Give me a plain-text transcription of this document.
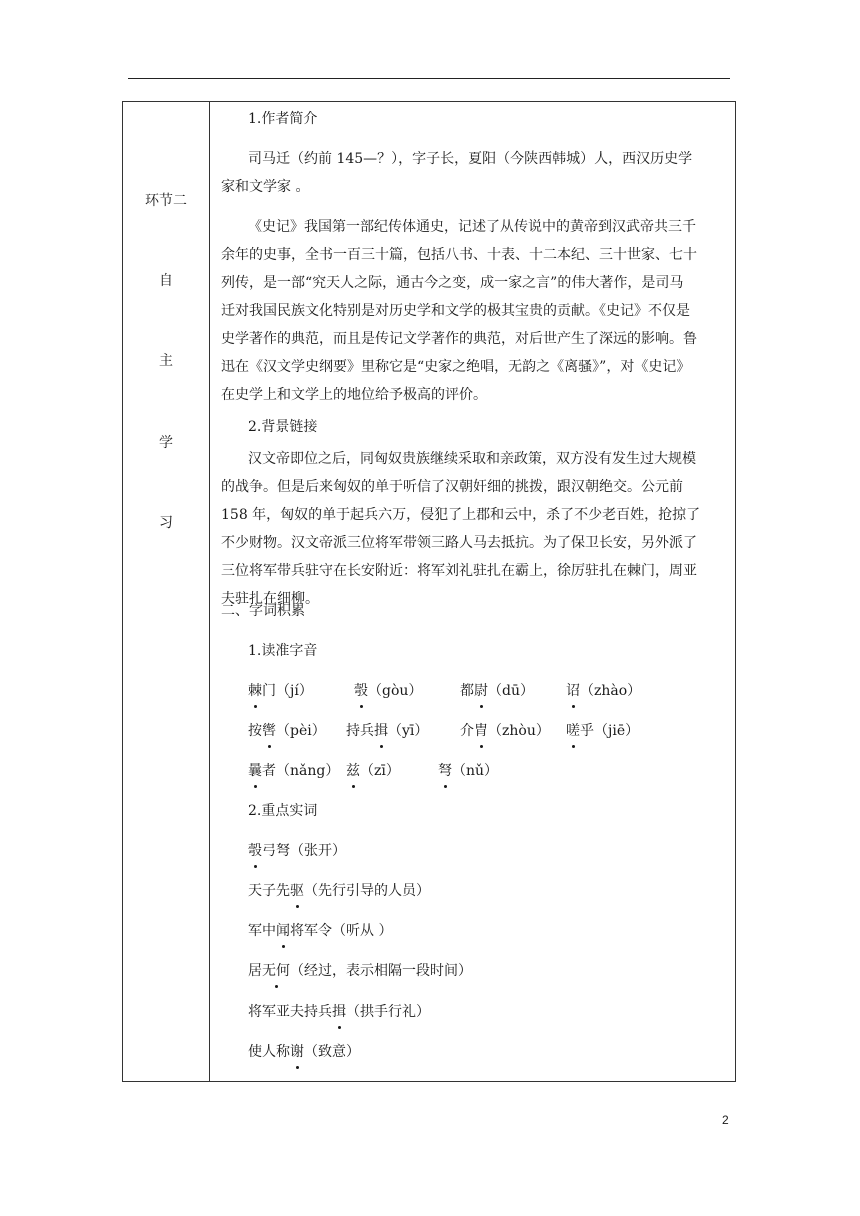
环节二
自
主
学
习

1.作者简介
司马迁（约前 145—？），字子长，夏阳（今陕西韩城）人，西汉历史学
家和文学家 。
《史记》我国第一部纪传体通史，记述了从传说中的黄帝到汉武帝共三千
余年的史事，全书一百三十篇，包括八书、十表、十二本纪、三十世家、七十
列传，是一部“究天人之际，通古今之变，成一家之言”的伟大著作，是司马
迁对我国民族文化特别是对历史学和文学的极其宝贵的贡献。《史记》不仅是
史学著作的典范，而且是传记文学著作的典范，对后世产生了深远的影响。鲁
迅在《汉文学史纲要》里称它是“史家之绝唱，无韵之《离骚》”，对《史记》
在史学上和文学上的地位给予极高的评价。
2.背景链接
汉文帝即位之后，同匈奴贵族继续采取和亲政策，双方没有发生过大规模
的战争。但是后来匈奴的单于听信了汉朝奸细的挑拨，跟汉朝绝交。公元前
158 年，匈奴的单于起兵六万，侵犯了上郡和云中，杀了不少老百姓，抢掠了
不少财物。汉文帝派三位将军带领三路人马去抵抗。为了保卫长安，另外派了
三位将军带兵驻守在长安附近：将军刘礼驻扎在霸上，徐厉驻扎在棘门，周亚
夫驻扎在细柳。
二、字词积累
1.读准字音
棘门（jí）	彀（gòu）	都尉（dū） 诏（zhào）
按辔（pèi） 持兵揖（yī） 介胄（zhòu） 嗟乎（jiē）
曩者（nǎng） 兹（zī）	弩（nǔ）
2.重点实词
彀弓弩（张开）
天子先驱（先行引导的人员）
军中闻将军令（听从 ）
居无何（经过，表示相隔一段时间）
将军亚夫持兵揖（拱手行礼）
使人称谢（致意）
2
